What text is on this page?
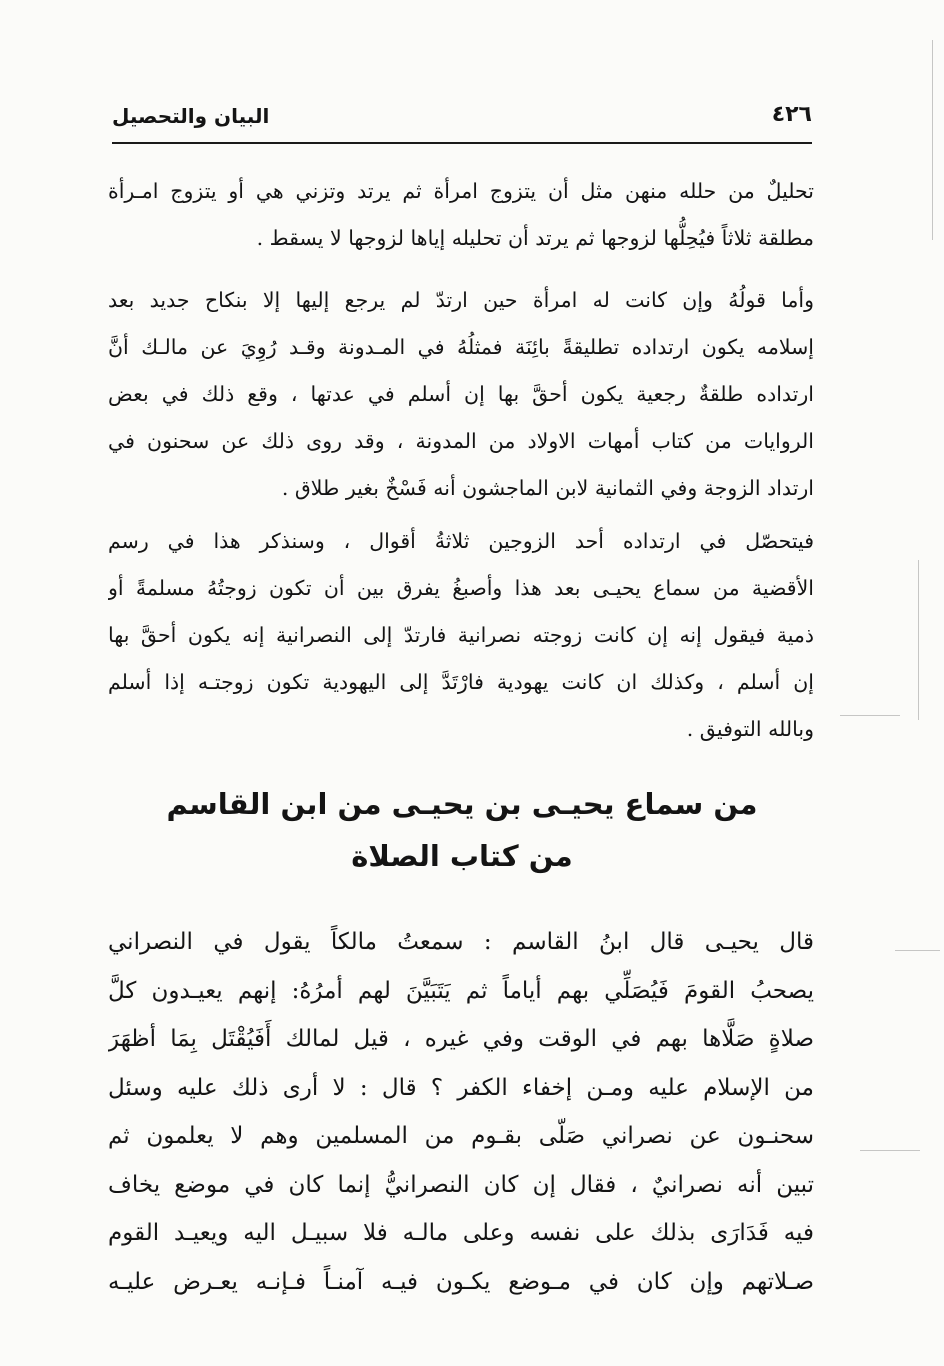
٤٢٦
البيان والتحصيل
تحليلٌ من حلله منهن مثل أن يتزوج امرأة ثم يرتد وتزني هي أو يتزوج امـرأة
مطلقة ثلاثاً فيُحِلُّها لزوجها ثم يرتد أن تحليله إياها لزوجها لا يسقط .
وأما قولُهُ وإن كانت له امرأة حين ارتدّ لم يرجع إليها إلا بنكاح جديد بعد
إسلامه يكون ارتداده تطليقةً بائِنَة فمثلُهُ في المـدونة وقـد رُوِيَ عن مالـك أنَّ
ارتداده طلقةٌ رجعية يكون أحقَّ بها إن أسلم في عدتها ، وقع ذلك في بعض
الروايات من كتاب أمهات الاولاد من المدونة ، وقد روى ذلك عن سحنون في
ارتداد الزوجة وفي الثمانية لابن الماجشون أنه فَسْخٌ بغير طلاق .
فيتحصّل في ارتداده أحد الزوجين ثلاثةُ أقوال ، وسنذكر هذا في رسم
الأقضية من سماع يحيـى بعد هذا وأصبغُ يفرق بين أن تكون زوجتُهُ مسلمةً أو
ذمية فيقول إنه إن كانت زوجته نصرانية فارتدّ إلى النصرانية إنه يكون أحقَّ بها
إن أسلم ، وكذلك ان كانت يهودية فارْتَدَّ إلى اليهودية تكون زوجتـه إذا أسلم
وبالله التوفيق .
من سماع يحيـى بن يحيـى من ابن القاسم
من كتاب الصلاة
قال يحيـى قال ابنُ القاسم : سمعتُ مالكاً يقول في النصراني
يصحبُ القومَ فَيُصَلِّي بهم أياماً ثم يَتَبَيَّنَ لهم أمرُهُ: إنهم يعيـدون كلَّ
صلاةٍ صَلَّاها بهم في الوقت وفي غيره ، قيل لمالك أَفَيُقْتَل بِمَا أظهَرَ
من الإسلام عليه ومـن إخفاء الكفر ؟ قال : لا أرى ذلك عليه وسئل
سحنـون عن نصراني صَلّى بقـوم من المسلمين وهم لا يعلمون ثم
تبين أنه نصرانيٌ ، فقال إن كان النصرانيُّ إنما كان في موضع يخاف
فيه فَدَارَى بذلك على نفسه وعلى مالـه فلا سبيـل اليه ويعيـد القوم
صـلاتهم وإن كان في مـوضع يكـون فيـه آمنـاً فـإنـه يعـرض عليـه
